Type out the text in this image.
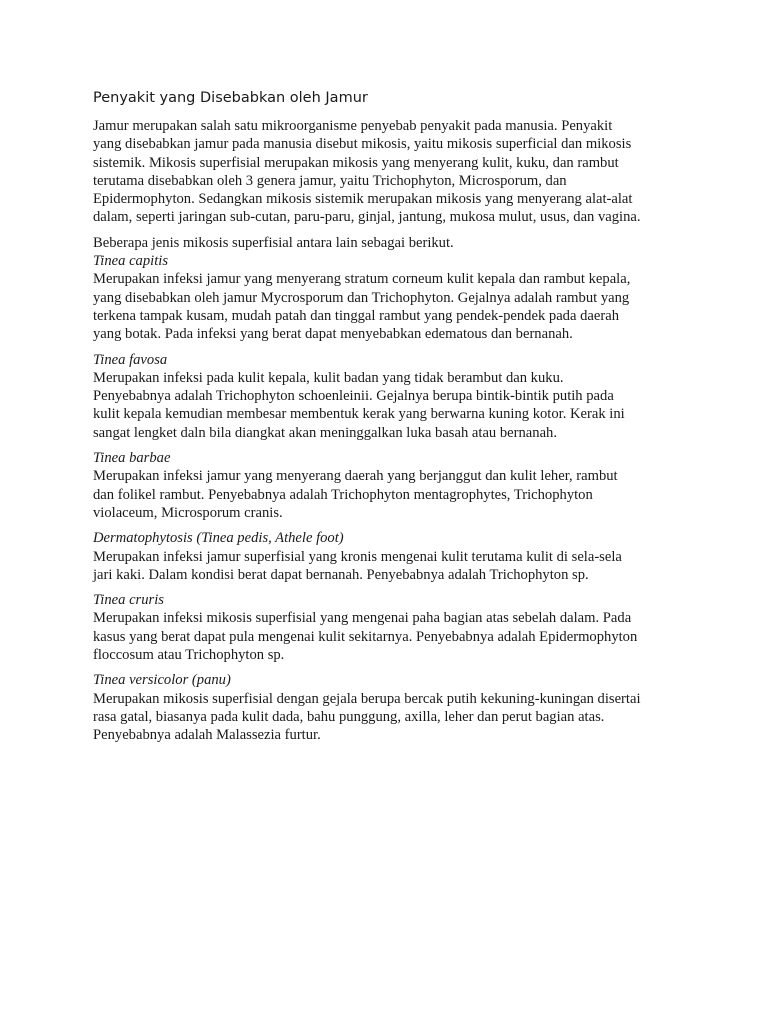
Penyakit yang Disebabkan oleh Jamur

Jamur merupakan salah satu mikroorganisme penyebab penyakit pada manusia. Penyakit
yang disebabkan jamur pada manusia disebut mikosis, yaitu mikosis superficial dan mikosis
sistemik. Mikosis superfisial merupakan mikosis yang menyerang kulit, kuku, dan rambut
terutama disebabkan oleh 3 genera jamur, yaitu Trichophyton, Microsporum, dan
Epidermophyton. Sedangkan mikosis sistemik merupakan mikosis yang menyerang alat-alat
dalam, seperti jaringan sub-cutan, paru-paru, ginjal, jantung, mukosa mulut, usus, dan vagina.

Beberapa jenis mikosis superfisial antara lain sebagai berikut.
Tinea capitis
Merupakan infeksi jamur yang menyerang stratum corneum kulit kepala dan rambut kepala,
yang disebabkan oleh jamur Mycrosporum dan Trichophyton. Gejalnya adalah rambut yang
terkena tampak kusam, mudah patah dan tinggal rambut yang pendek-pendek pada daerah
yang botak. Pada infeksi yang berat dapat menyebabkan edematous dan bernanah.

Tinea favosa
Merupakan infeksi pada kulit kepala, kulit badan yang tidak berambut dan kuku.
Penyebabnya adalah Trichophyton schoenleinii. Gejalnya berupa bintik-bintik putih pada
kulit kepala kemudian membesar membentuk kerak yang berwarna kuning kotor. Kerak ini
sangat lengket daln bila diangkat akan meninggalkan luka basah atau bernanah.

Tinea barbae
Merupakan infeksi jamur yang menyerang daerah yang berjanggut dan kulit leher, rambut
dan folikel rambut. Penyebabnya adalah Trichophyton mentagrophytes, Trichophyton
violaceum, Microsporum cranis.

Dermatophytosis (Tinea pedis, Athele foot)
Merupakan infeksi jamur superfisial yang kronis mengenai kulit terutama kulit di sela-sela
jari kaki. Dalam kondisi berat dapat bernanah. Penyebabnya adalah Trichophyton sp.

Tinea cruris
Merupakan infeksi mikosis superfisial yang mengenai paha bagian atas sebelah dalam. Pada
kasus yang berat dapat pula mengenai kulit sekitarnya. Penyebabnya adalah Epidermophyton
floccosum atau Trichophyton sp.

Tinea versicolor (panu)
Merupakan mikosis superfisial dengan gejala berupa bercak putih kekuning-kuningan disertai
rasa gatal, biasanya pada kulit dada, bahu punggung, axilla, leher dan perut bagian atas.
Penyebabnya adalah Malassezia furtur.
